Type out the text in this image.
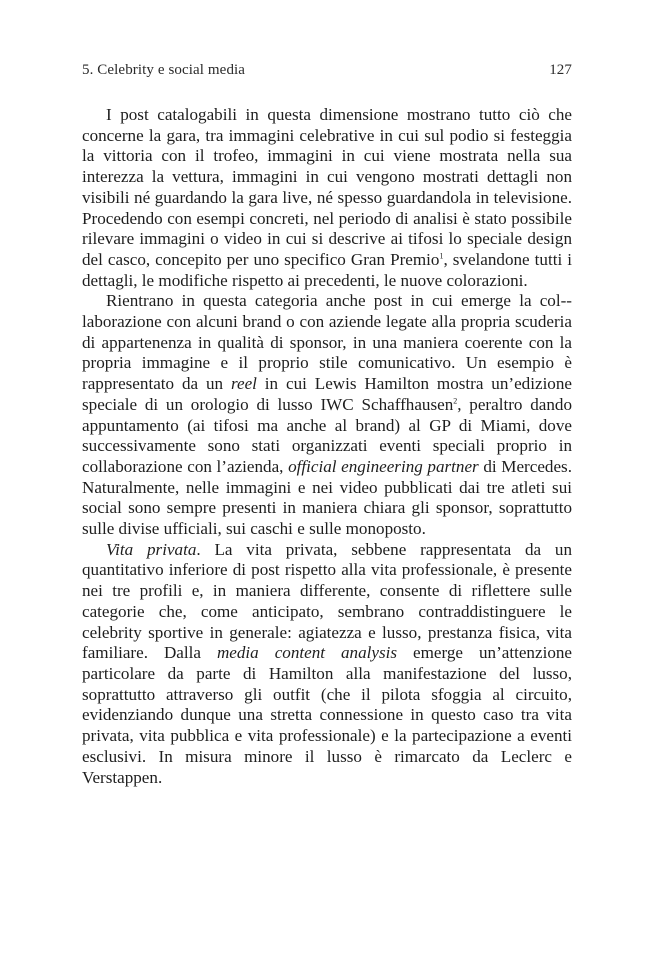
5. Celebrity e social media	127

I post catalogabili in questa dimensione mostrano tutto ciò che concerne la gara, tra immagini celebrative in cui sul podio si festeggia la vittoria con il trofeo, immagini in cui viene mostrata nella sua interezza la vettura, immagini in cui vengono mostrati dettagli non visibili né guardando la gara live, né spesso guardandola in televisione. Procedendo con esempi concreti, nel periodo di analisi è stato possibile rilevare immagini o video in cui si descrive ai tifosi lo speciale design del casco, concepito per uno specifico Gran Premio$^1$, svelandone tutti i dettagli, le modifiche rispetto ai precedenti, le nuove colorazioni.

Rientrano in questa categoria anche post in cui emerge la col-laborazione con alcuni brand o con aziende legate alla propria scuderia di appartenenza in qualità di sponsor, in una maniera coerente con la propria immagine e il proprio stile comunicativo. Un esempio è rappresentato da un reel in cui Lewis Hamilton mostra un’edizione speciale di un orologio di lusso IWC Schaffhausen$^2$, peraltro dando appuntamento (ai tifosi ma anche al brand) al GP di Miami, dove successivamente sono stati organizzati eventi speciali proprio in collaborazione con l’azienda, official engineering partner di Mercedes. Naturalmente, nelle immagini e nei video pubblicati dai tre atleti sui social sono sempre presenti in maniera chiara gli sponsor, soprattutto sulle divise ufficiali, sui caschi e sulle monoposto.

Vita privata. La vita privata, sebbene rappresentata da un quantitativo inferiore di post rispetto alla vita professionale, è presente nei tre profili e, in maniera differente, consente di riflettere sulle categorie che, come anticipato, sembrano contraddistinguere le celebrity sportive in generale: agiatezza e lusso, prestanza fisica, vita familiare. Dalla media content analysis emerge un’attenzione particolare da parte di Hamilton alla manifestazione del lusso, soprattutto attraverso gli outfit (che il pilota sfoggia al circuito, evidenziando dunque una stretta connessione in questo caso tra vita privata, vita pubblica e vita professionale) e la partecipazione a eventi esclusivi. In misura minore il lusso è rimarcato da Leclerc e Verstappen.
